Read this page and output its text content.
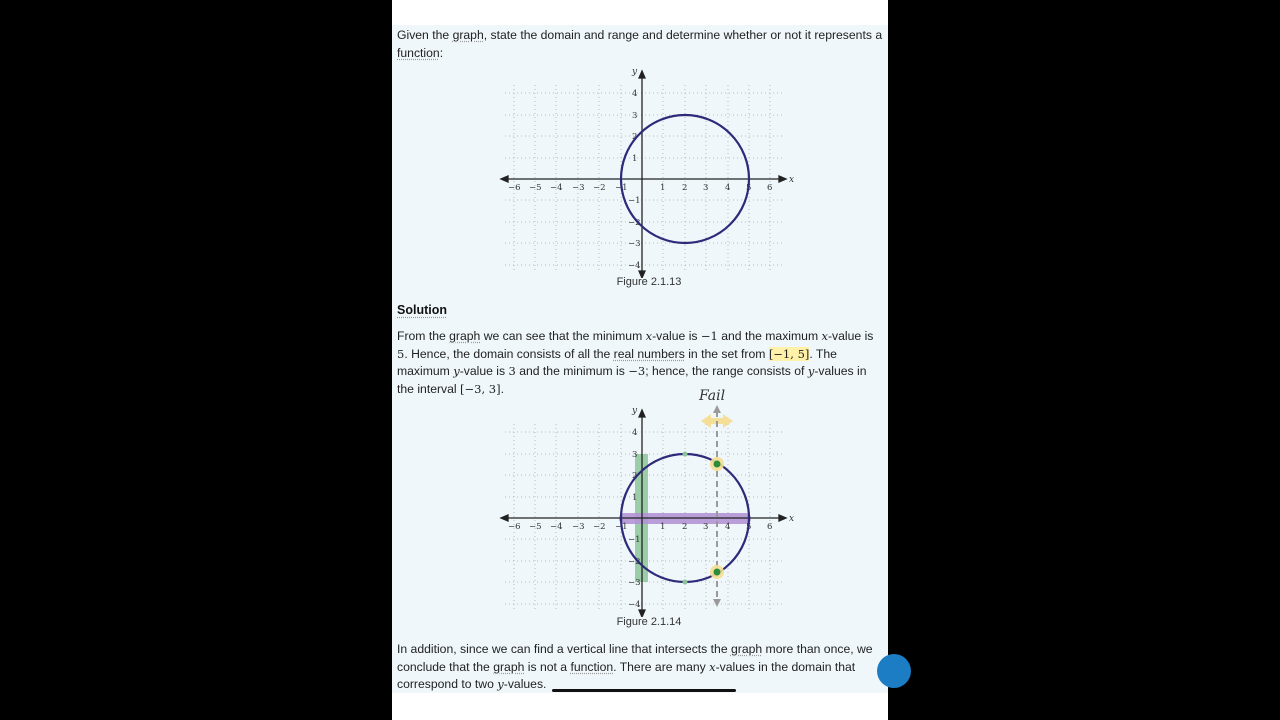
Given the graph, state the domain and range and determine whether or not it represents a function:
−6 −5 −4 −3 −2 −1	1 2 3 4 5 6
4
3
2
1
−1
−2
−3
−4
x
y
Figure 2.1.13
Solution
From the graph we can see that the minimum x-value is −1 and the maximum x-value is 5. Hence, the domain consists of all the real numbers in the set from [−1, 5]. The maximum y-value is 3 and the minimum is −3; hence, the range consists of y-values in the interval [−3, 3].	Fail
−6 −5 −4 −3 −2 −1	1 2 3 4 5 6
4
3
2
1
−1
−2
−3
−4
x
y
Figure 2.1.14
In addition, since we can find a vertical line that intersects the graph more than once, we conclude that the graph is not a function. There are many x-values in the domain that correspond to two y-values.
